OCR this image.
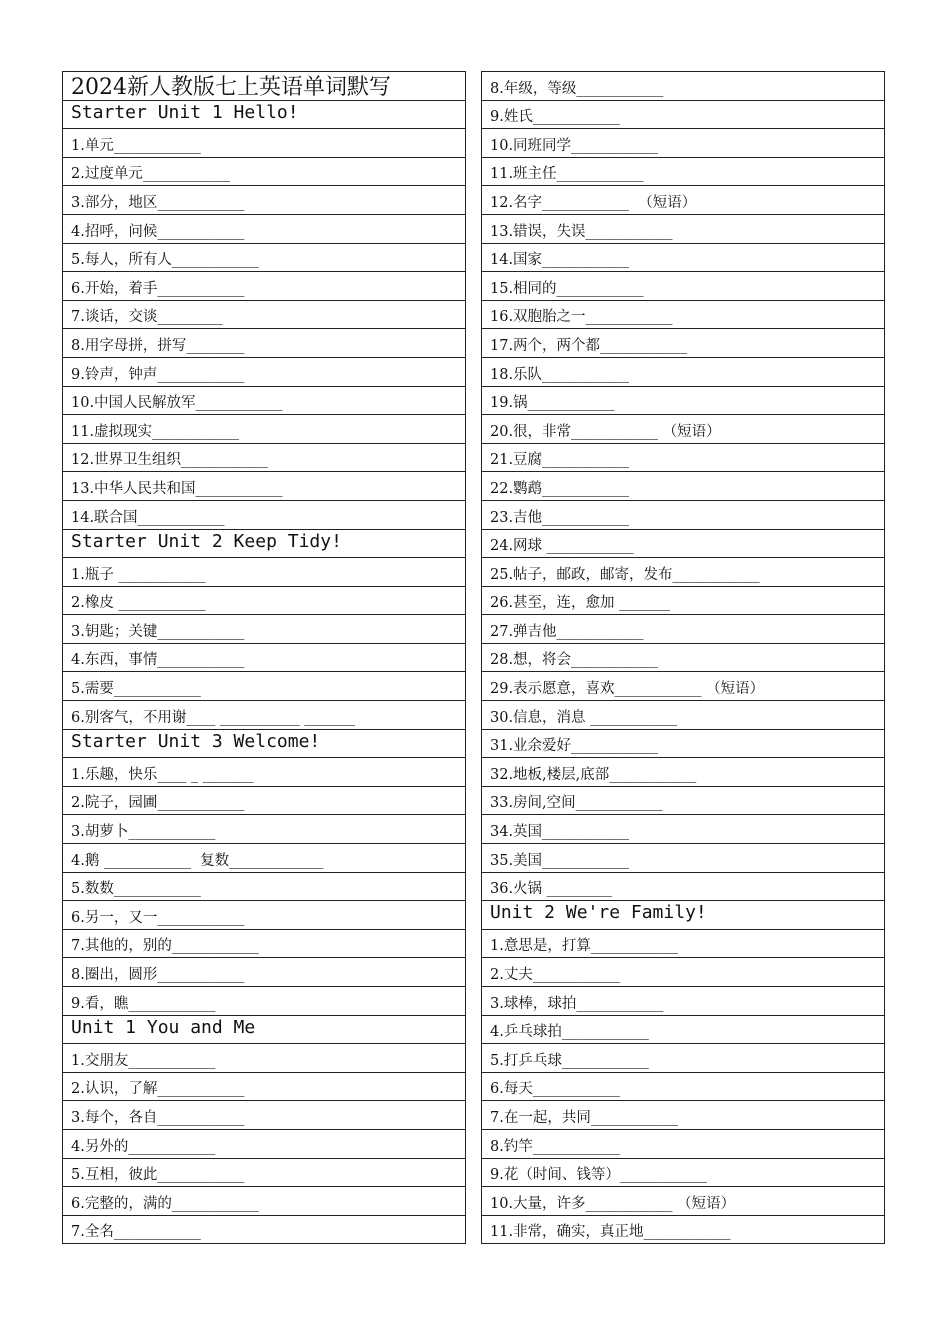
2024新人教版七上英语单词默写
Starter Unit 1 Hello!
1.单元____________
2.过度单元____________
3.部分，地区____________
4.招呼，问候____________
5.每人，所有人____________
6.开始，着手____________
7.谈话，交谈_________
8.用字母拼，拼写________
9.铃声，钟声____________
10.中国人民解放军____________
11.虚拟现实____________
12.世界卫生组织____________
13.中华人民共和国____________
14.联合国____________
Starter Unit 2 Keep Tidy!
1.瓶子 ____________
2.橡皮 ____________
3.钥匙；关键____________
4.东西，事情____________
5.需要____________
6.别客气，不用谢____ ___________ _______
Starter Unit 3 Welcome!
1.乐趣，快乐____ _ _______
2.院子，园圃____________
3.胡萝卜____________
4.鹅 ____________  复数_____________
5.数数____________
6.另一，又一____________
7.其他的，别的____________
8.圈出，圆形____________
9.看，瞧____________
Unit 1 You and Me
1.交朋友____________
2.认识，了解____________
3.每个，各自____________
4.另外的____________
5.互相，彼此____________
6.完整的，满的____________
7.全名____________
8.年级，等级____________
9.姓氏____________
10.同班同学____________
11.班主任____________
12.名字____________  （短语）
13.错误，失误____________
14.国家____________
15.相同的____________
16.双胞胎之一____________
17.两个，两个都____________
18.乐队____________
19.锅____________
20.很，非常____________ （短语）
21.豆腐____________
22.鹦鹉____________
23.吉他____________
24.网球 ____________
25.帖子，邮政，邮寄，发布____________
26.甚至，连，愈加 _______
27.弹吉他____________
28.想，将会____________
29.表示愿意，喜欢____________ （短语）
30.信息，消息 ____________
31.业余爱好____________
32.地板,楼层,底部____________
33.房间,空间____________
34.英国____________
35.美国____________
36.火锅 _________
Unit 2 We're Family!
1.意思是，打算____________
2.丈夫____________
3.球棒，球拍____________
4.乒乓球拍____________
5.打乒乓球____________
6.每天____________
7.在一起，共同____________
8.钓竿____________
9.花（时间、钱等）____________
10.大量，许多____________ （短语）
11.非常，确实，真正地____________
